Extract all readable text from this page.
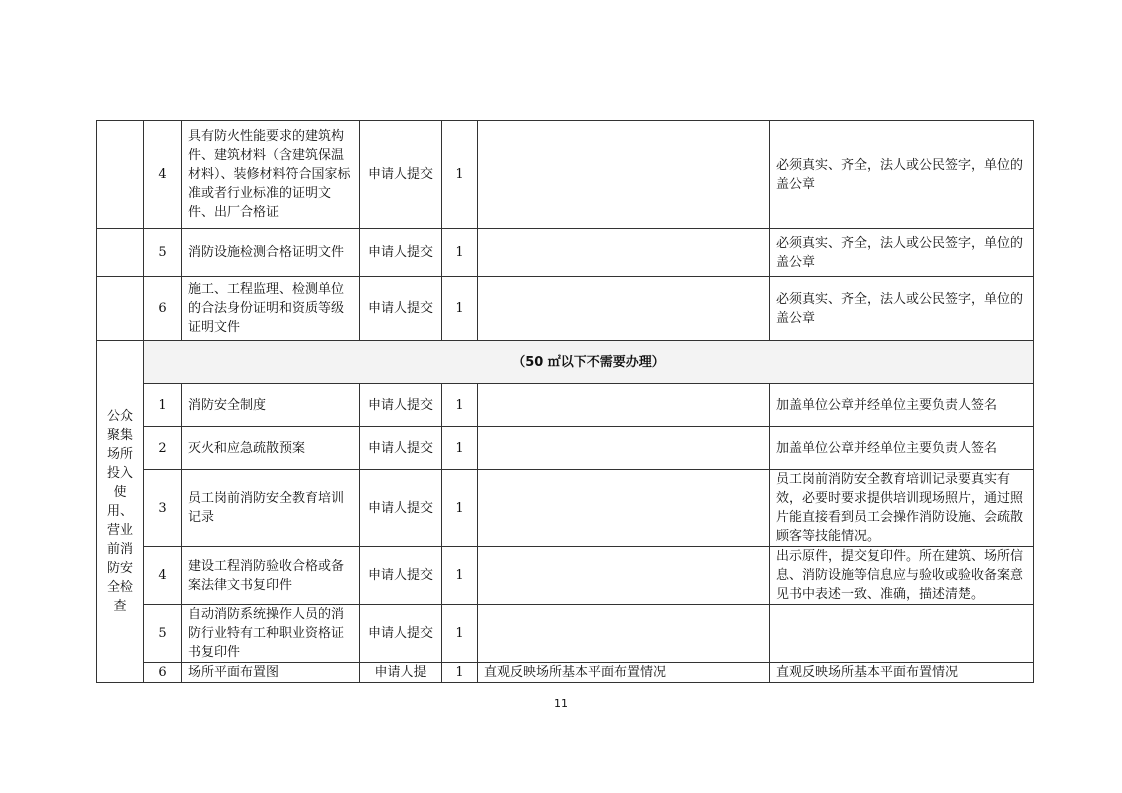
	4	具有防火性能要求的建筑构件、建筑材料（含建筑保温材料）、装修材料符合国家标准或者行业标准的证明文件、出厂合格证	申请人提交	1		必须真实、齐全，法人或公民签字，单位的盖公章
	5	消防设施检测合格证明文件	申请人提交	1		必须真实、齐全，法人或公民签字，单位的盖公章
	6	施工、工程监理、检测单位的合法身份证明和资质等级证明文件	申请人提交	1		必须真实、齐全，法人或公民签字，单位的盖公章
公众聚集场所投入使用、营业前消防安全检查	（50 ㎡以下不需要办理）					
	1	消防安全制度	申请人提交	1		加盖单位公章并经单位主要负责人签名
	2	灭火和应急疏散预案	申请人提交	1		加盖单位公章并经单位主要负责人签名
	3	员工岗前消防安全教育培训记录	申请人提交	1		员工岗前消防安全教育培训记录要真实有效，必要时要求提供培训现场照片，通过照片能直接看到员工会操作消防设施、会疏散顾客等技能情况。
	4	建设工程消防验收合格或备案法律文书复印件	申请人提交	1		出示原件，提交复印件。所在建筑、场所信息、消防设施等信息应与验收或验收备案意见书中表述一致、准确，描述清楚。
	5	自动消防系统操作人员的消防行业特有工种职业资格证书复印件	申请人提交	1		
	6	场所平面布置图	申请人提	1	直观反映场所基本平面布置情况	直观反映场所基本平面布置情况
11
